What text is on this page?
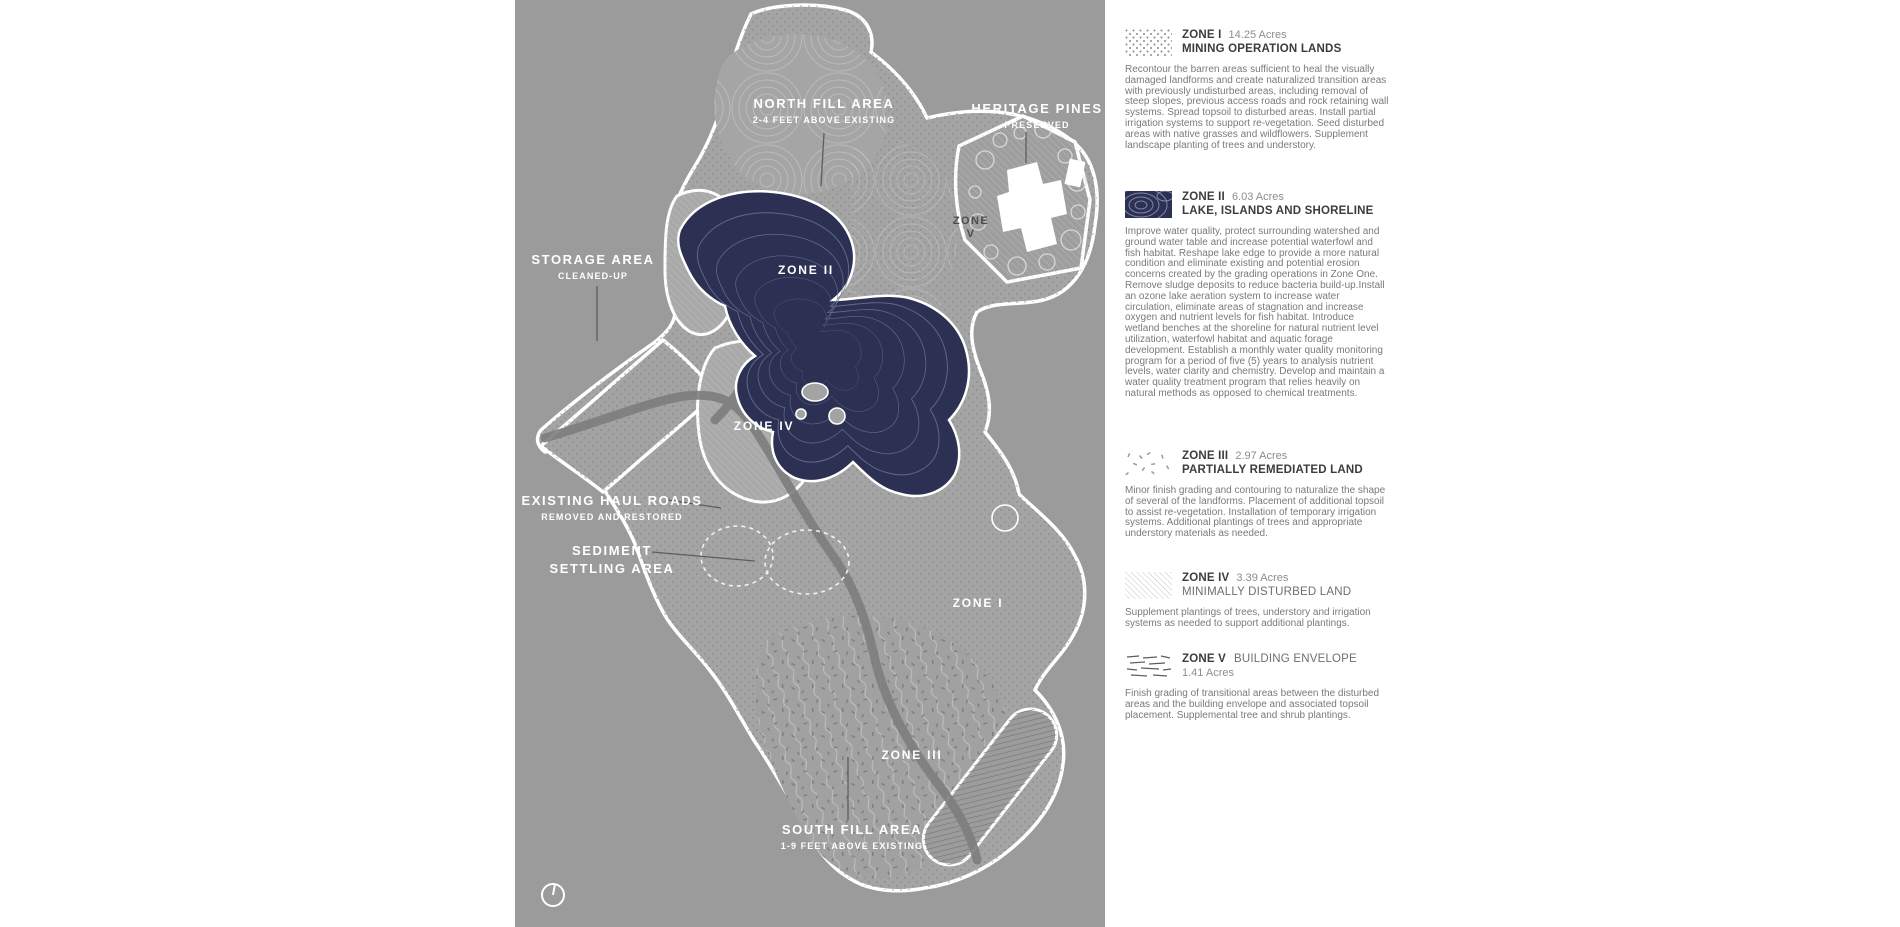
NORTH FILL AREA
2-4 FEET ABOVE EXISTING
HERITAGE PINES
PRESERVED
STORAGE AREA
CLEANED-UP
EXISTING HAUL ROADS
REMOVED AND RESTORED
SEDIMENT
SETTLING AREA
SOUTH FILL AREA
1-9 FEET ABOVE EXISTING
ZONE I
ZONE II
ZONE III
ZONE IV
ZONE
V
ZONE I 14.25 Acres
MINING OPERATION LANDS
Recontour the barren areas sufficient to heal the visually damaged landforms and create naturalized transition areas with previously undisturbed areas, including removal of steep slopes, previous access roads and rock retaining wall systems. Spread topsoil to disturbed areas. Install partial irrigation systems to support re-vegetation. Seed disturbed areas with native grasses and wildflowers. Supplement landscape planting of trees and understory.
ZONE II 6.03 Acres
LAKE, ISLANDS AND SHORELINE
Improve water quality, protect surrounding watershed and ground water table and increase potential waterfowl and fish habitat. Reshape lake edge to provide a more natural condition and eliminate existing and potential erosion concerns created by the grading operations in Zone One. Remove sludge deposits to reduce bacteria build-up.Install an ozone lake aeration system to increase water circulation, eliminate areas of stagnation and increase oxygen and nutrient levels for fish habitat. Introduce wetland benches at the shoreline for natural nutrient level utilization, waterfowl habitat and aquatic forage development. Establish a monthly water quality monitoring program for a period of five (5) years to analysis nutrient levels, water clarity and chemistry. Develop and maintain a water quality treatment program that relies heavily on natural methods as opposed to chemical treatments.
ZONE III 2.97 Acres
PARTIALLY REMEDIATED LAND
Minor finish grading and contouring to naturalize the shape of several of the landforms. Placement of additional topsoil to assist re-vegetation. Installation of temporary irrigation systems. Additional plantings of trees and appropriate understory materials as needed.
ZONE IV 3.39 Acres
MINIMALLY DISTURBED LAND
Supplement plantings of trees, understory and irrigation systems as needed to support additional plantings.
ZONE V BUILDING ENVELOPE
1.41 Acres
Finish grading of transitional areas between the disturbed areas and the building envelope and associated topsoil placement. Supplemental tree and shrub plantings.
